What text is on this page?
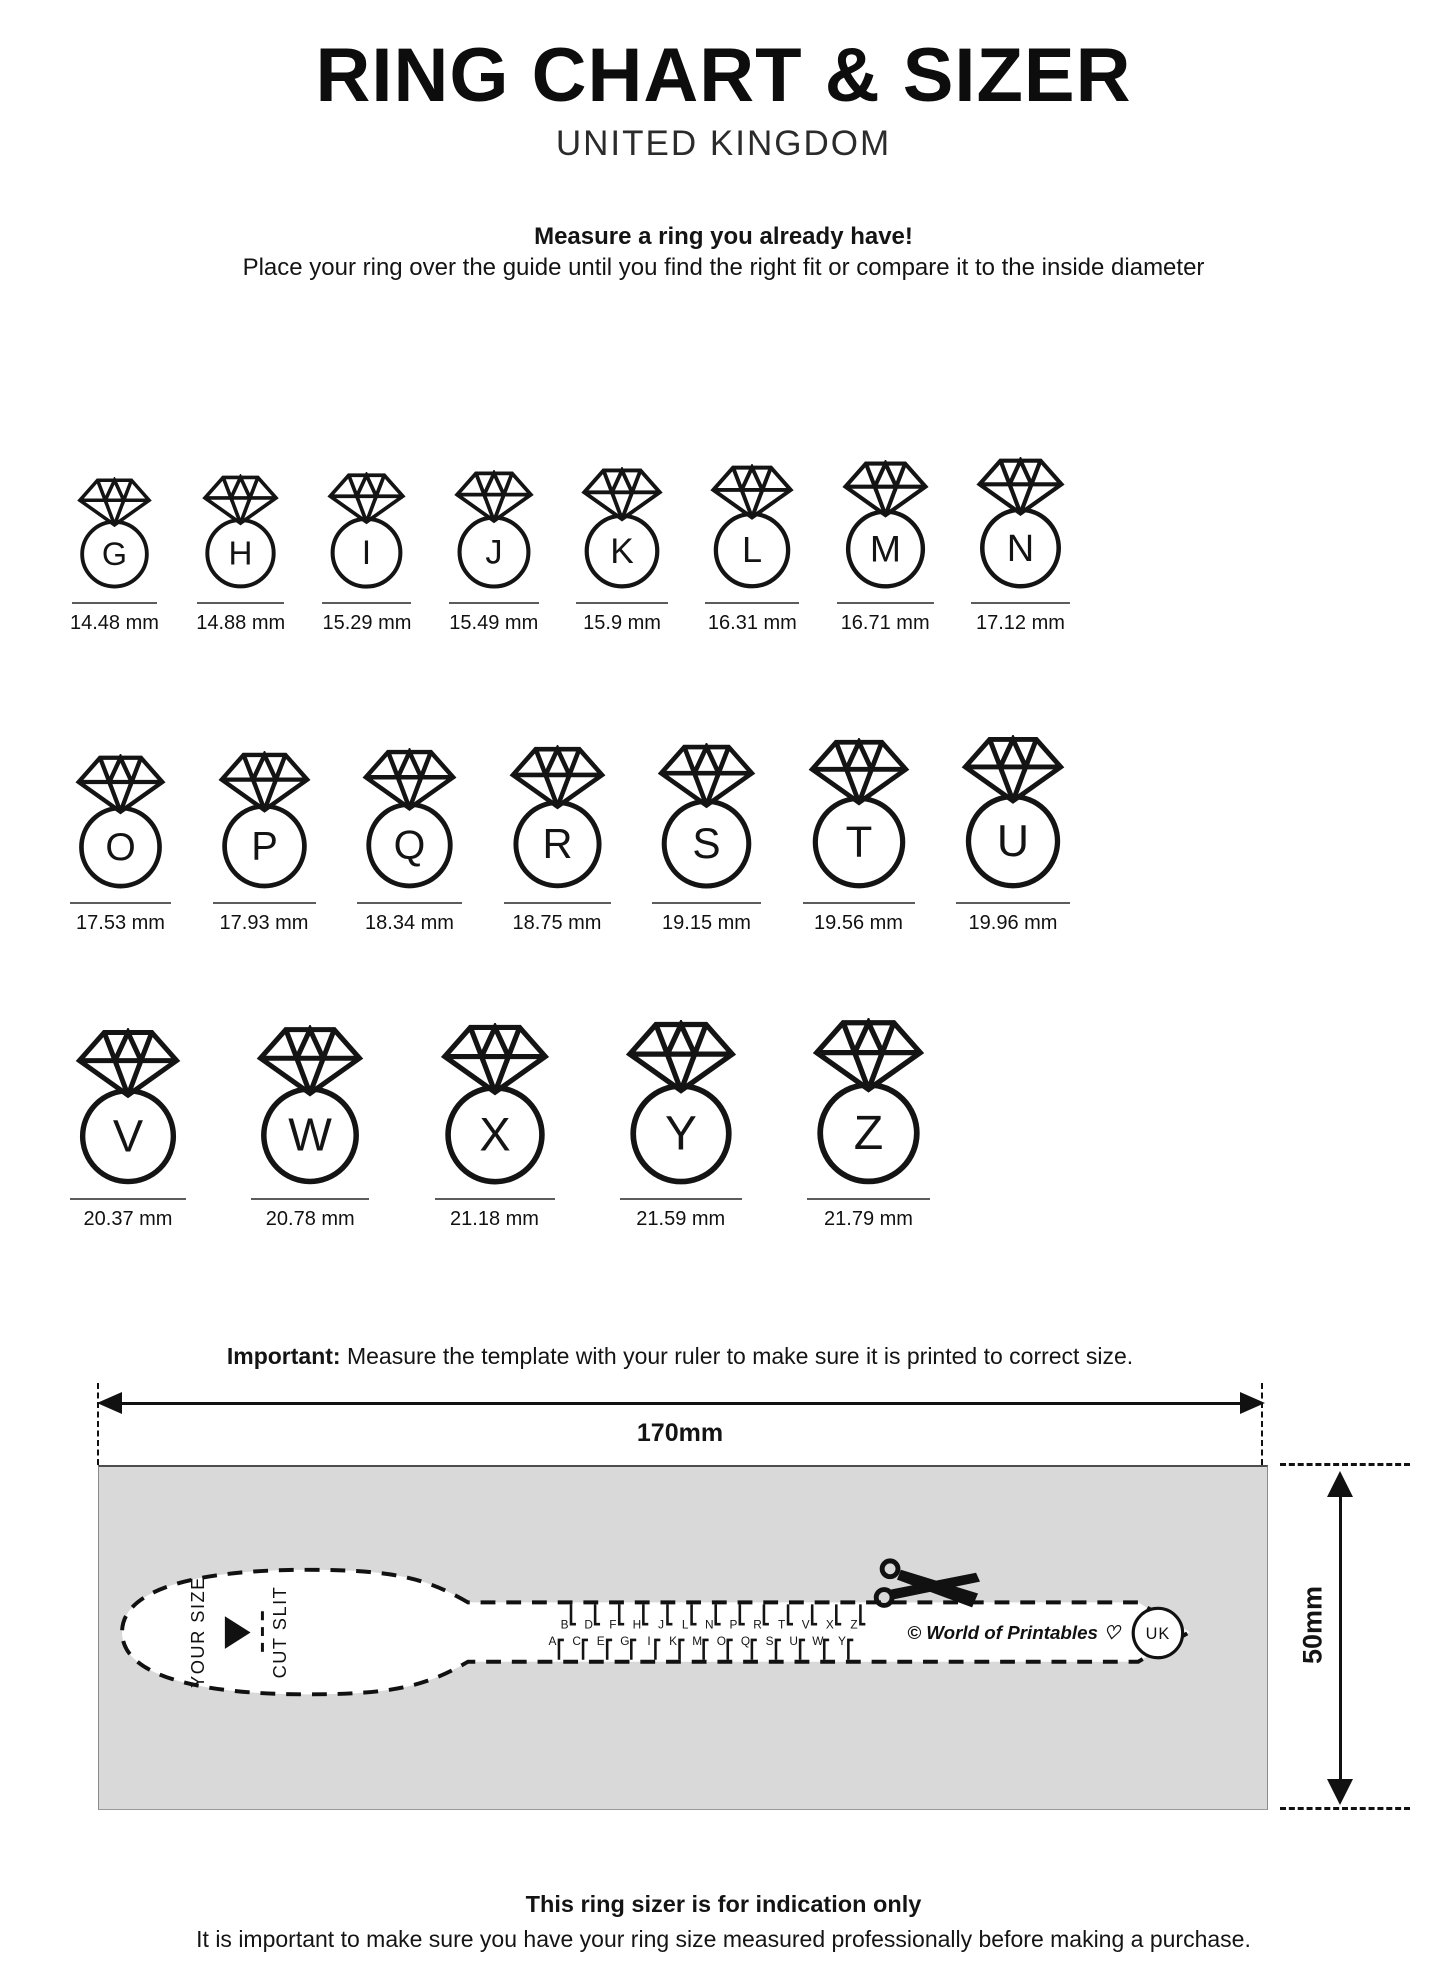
RING CHART & SIZER
UNITED KINGDOM
Measure a ring you already have!
Place your ring over the guide until you find the right fit or compare it to the inside diameter
G
14.48 mm
H
14.88 mm
I
15.29 mm
J
15.49 mm
K
15.9 mm
L
16.31 mm
M
16.71 mm
N
17.12 mm
O
17.53 mm
P
17.93 mm
Q
18.34 mm
R
18.75 mm
S
19.15 mm
T
19.56 mm
U
19.96 mm
V
20.37 mm
W
20.78 mm
X
21.18 mm
Y
21.59 mm
Z
21.79 mm
Important: Measure the template with your ruler to make sure it is printed to correct size.
170mm
YOUR SIZE	CUT SLIT	A
B
C
D
E
F
G
H
I
J
K
L
M
N
O
P
Q
R
S
T
U
V
W
X
Y
Z	© World of Printables ♡ UK	50mm
This ring sizer is for indication only
It is important to make sure you have your ring size measured professionally before making a purchase.
